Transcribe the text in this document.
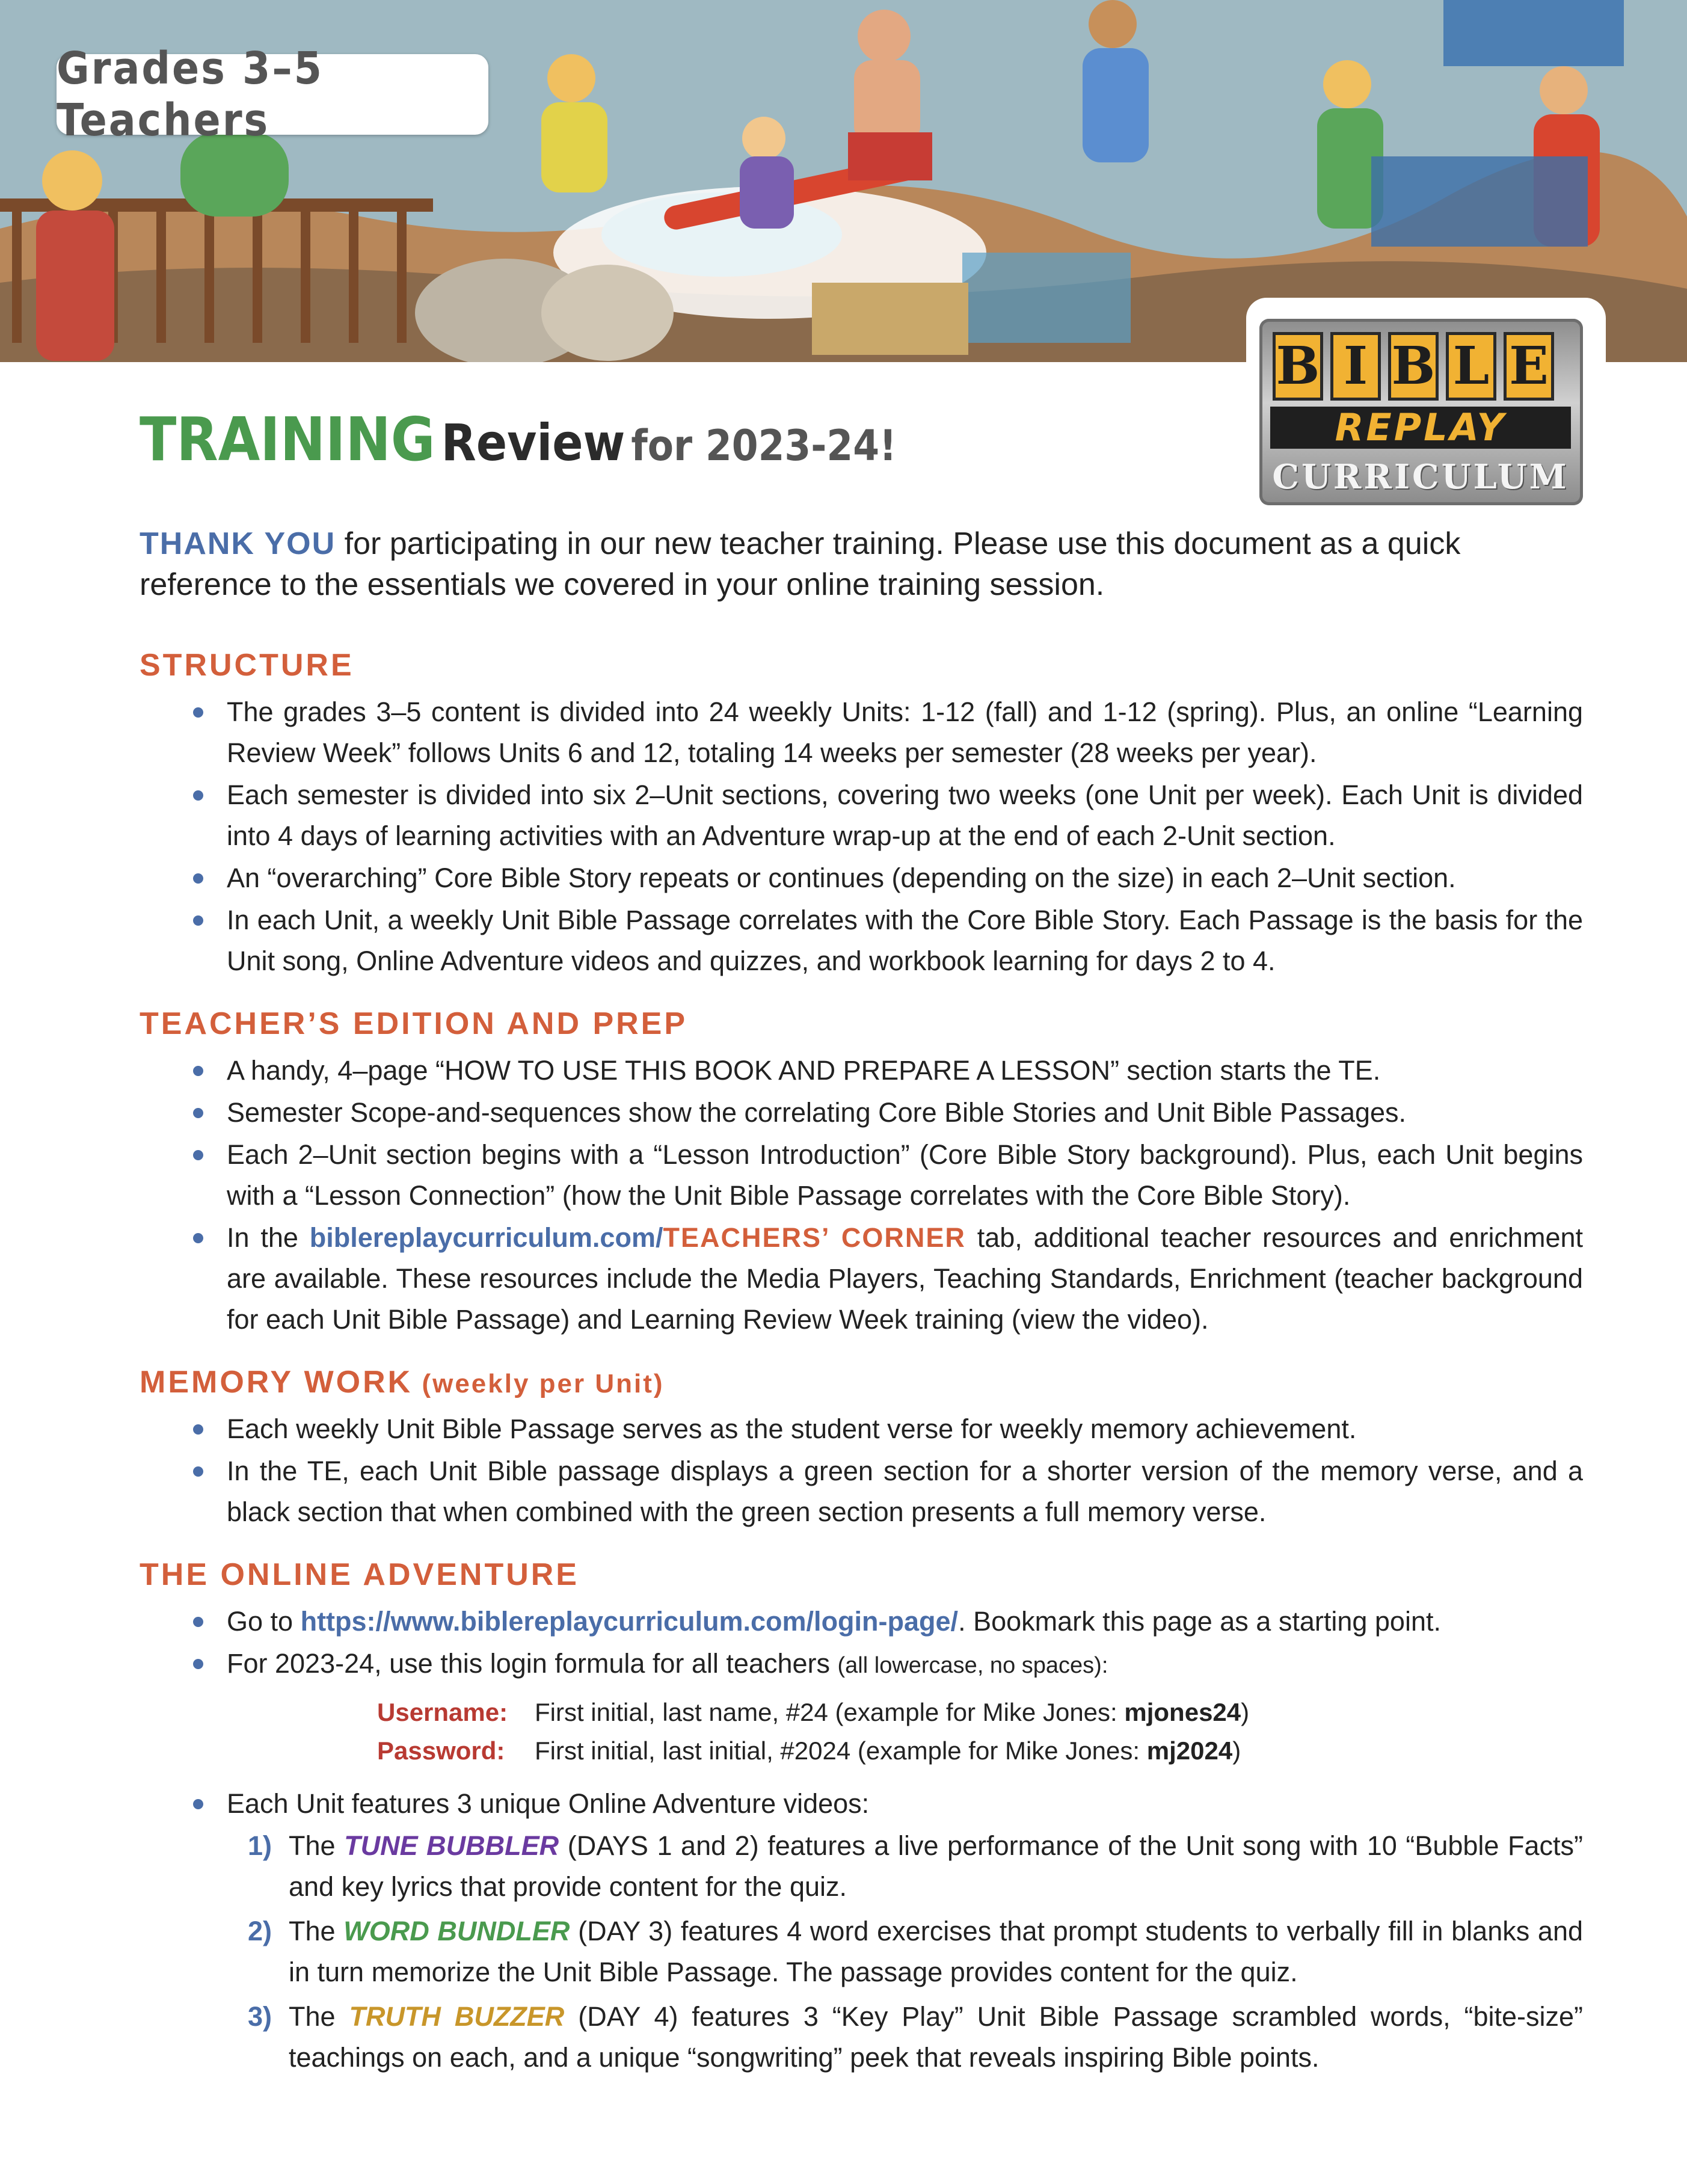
Grades 3–5 Teachers
B I B L E
REPLAY
CURRICULUM
TRAINING Review for 2023-24!

THANK YOU for participating in our new teacher training. Please use this document as a quick reference to the essentials we covered in your online training session.

STRUCTURE
The grades 3–5 content is divided into 24 weekly Units: 1-12 (fall) and 1-12 (spring). Plus, an online “Learning Review Week” follows Units 6 and 12, totaling 14 weeks per semester (28 weeks per year).
Each semester is divided into six 2–Unit sections, covering two weeks (one Unit per week). Each Unit is divided into 4 days of learning activities with an Adventure wrap-up at the end of each 2-Unit section.
An “overarching” Core Bible Story repeats or continues (depending on the size) in each 2–Unit section.
In each Unit, a weekly Unit Bible Passage correlates with the Core Bible Story. Each Passage is the basis for the Unit song, Online Adventure videos and quizzes, and workbook learning for days 2 to 4.
TEACHER’S EDITION AND PREP
A handy, 4–page “HOW TO USE THIS BOOK AND PREPARE A LESSON” section starts the TE.
Semester Scope-and-sequences show the correlating Core Bible Stories and Unit Bible Passages.
Each 2–Unit section begins with a “Lesson Introduction” (Core Bible Story background). Plus, each Unit begins with a “Lesson Connection” (how the Unit Bible Passage correlates with the Core Bible Story).
In the biblereplaycurriculum.com/TEACHERS’ CORNER tab, additional teacher resources and enrichment are available. These resources include the Media Players, Teaching Standards, Enrichment (teacher background for each Unit Bible Passage) and Learning Review Week training (view the video).
MEMORY WORK (weekly per Unit)
Each weekly Unit Bible Passage serves as the student verse for weekly memory achievement.
In the TE, each Unit Bible passage displays a green section for a shorter version of the memory verse, and a black section that when combined with the green section presents a full memory verse.
THE ONLINE ADVENTURE
Go to https://www.biblereplaycurriculum.com/login-page/. Bookmark this page as a starting point.
For 2023-24, use this login formula for all teachers (all lowercase, no spaces):
Username:	First initial, last name, #24 (example for Mike Jones: mjones24)
Password:	First initial, last initial, #2024 (example for Mike Jones: mj2024)
Each Unit features 3 unique Online Adventure videos:
1) The TUNE BUBBLER (DAYS 1 and 2) features a live performance of the Unit song with 10 “Bubble Facts” and key lyrics that provide content for the quiz.
2) The WORD BUNDLER (DAY 3) features 4 word exercises that prompt students to verbally fill in blanks and in turn memorize the Unit Bible Passage. The passage provides content for the quiz.
3) The TRUTH BUZZER (DAY 4) features 3 “Key Play” Unit Bible Passage scrambled words, “bite-size” teachings on each, and a unique “songwriting” peek that reveals inspiring Bible points.
